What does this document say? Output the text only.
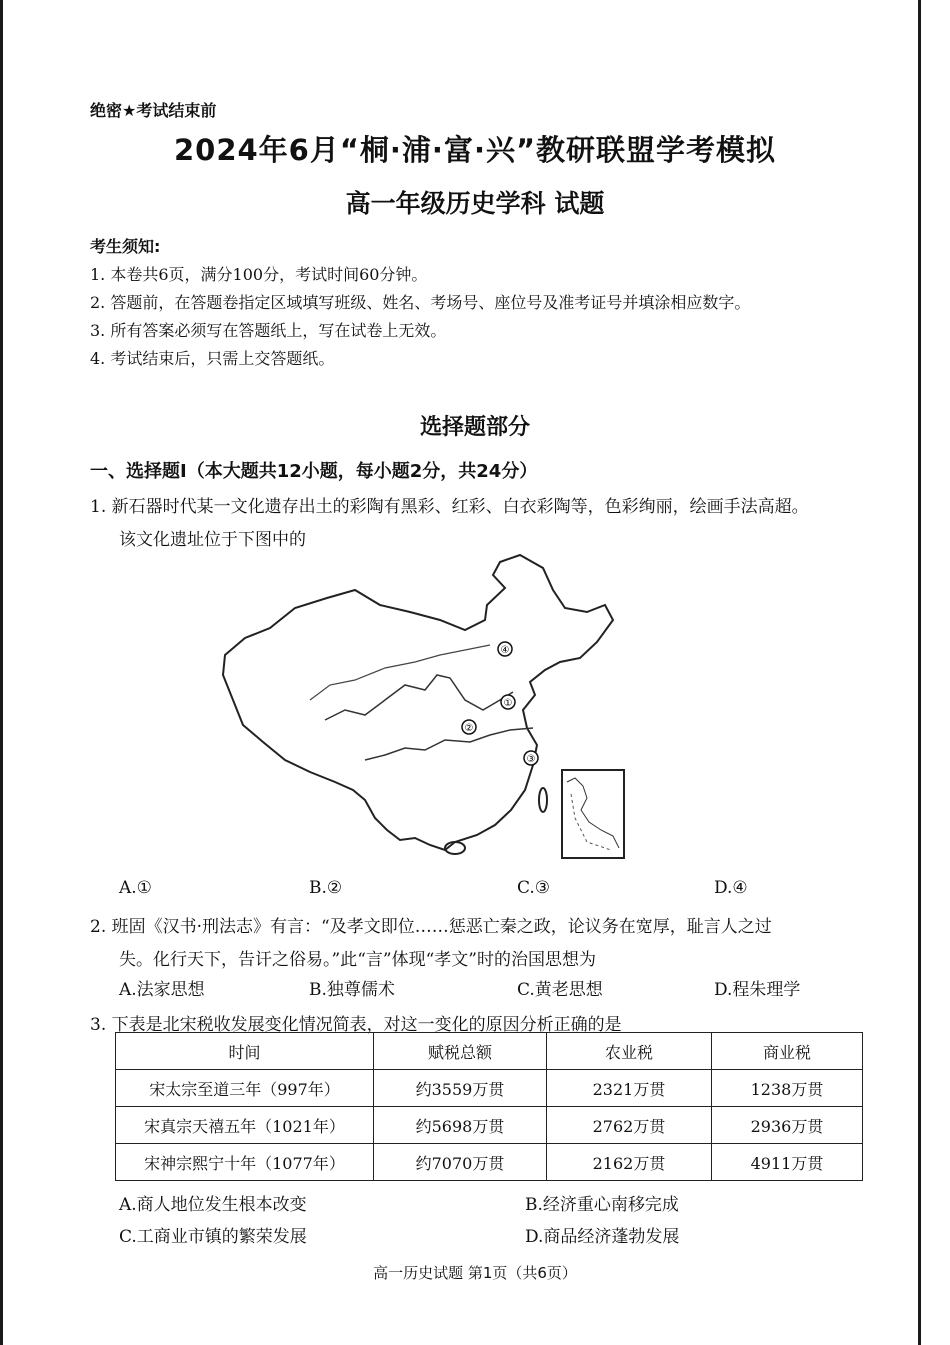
绝密★考试结束前
2024年6月“桐·浦·富·兴”教研联盟学考模拟
高一年级历史学科 试题
考生须知:
1. 本卷共6页，满分100分，考试时间60分钟。
2. 答题前，在答题卷指定区域填写班级、姓名、考场号、座位号及准考证号并填涂相应数字。
3. 所有答案必须写在答题纸上，写在试卷上无效。
4. 考试结束后，只需上交答题纸。
选择题部分
一、选择题Ⅰ（本大题共12小题，每小题2分，共24分）
1. 新石器时代某一文化遗存出土的彩陶有黑彩、红彩、白衣彩陶等，色彩绚丽，绘画手法高超。
该文化遗址位于下图中的
①
②
③
④
A.①	B.②	C.③	D.④
2. 班固《汉书·刑法志》有言：“及孝文即位……惩恶亡秦之政，论议务在宽厚，耻言人之过
失。化行天下，告讦之俗易。”此“言”体现“孝文”时的治国思想为
A.法家思想	B.独尊儒术	C.黄老思想	D.程朱理学
3. 下表是北宋税收发展变化情况简表，对这一变化的原因分析正确的是
时间	赋税总额	农业税	商业税
宋太宗至道三年（997年）	约3559万贯	2321万贯	1238万贯
宋真宗天禧五年（1021年）	约5698万贯	2762万贯	2936万贯
宋神宗熙宁十年（1077年）	约7070万贯	2162万贯	4911万贯
A.商人地位发生根本改变	B.经济重心南移完成
C.工商业市镇的繁荣发展	D.商品经济蓬勃发展
高一历史试题 第1页（共6页）
